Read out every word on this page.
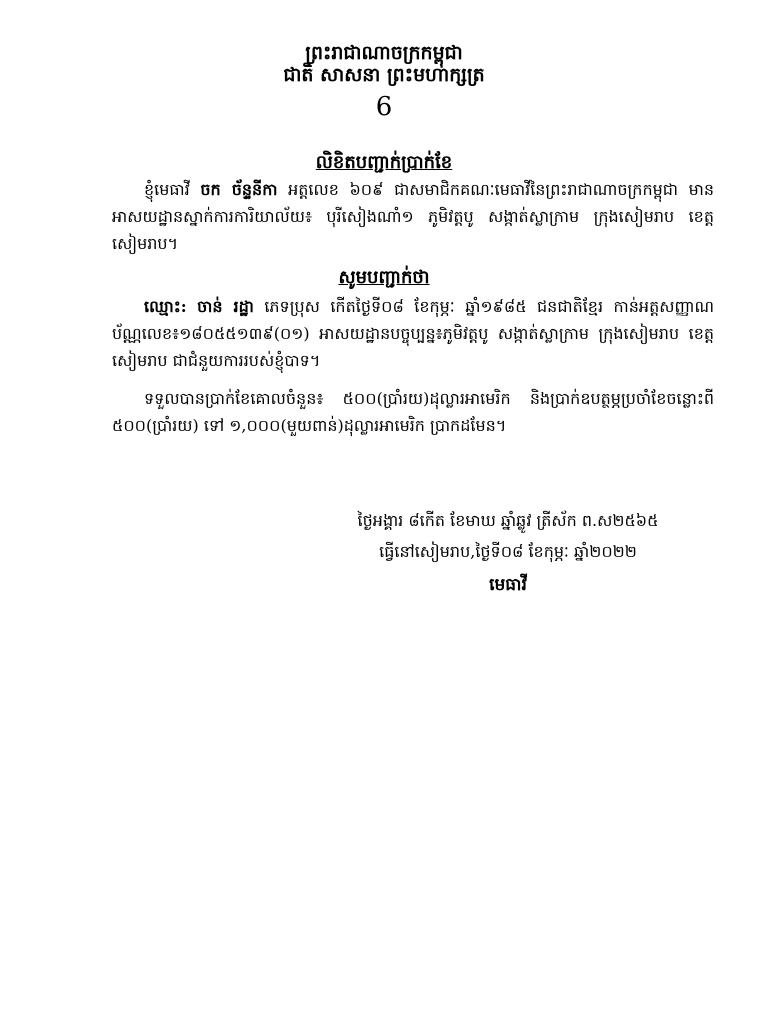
ព្រះរាជាណាចក្រកម្ពុជា
ជាតិ សាសនា ព្រះមហាក្សត្រ
6
លិខិតបញ្ជាក់ប្រាក់ខែ
ខ្ញុំមេធាវី ចក ច័ន្ទនីកា អត្តលេខ ៦០៩ ជាសមាជិកគណៈមេធាវីនៃព្រះរាជាណាចក្រកម្ពុជា មានអាសយដ្ឋានស្នាក់ការការិយាល័យ៖ បុរីសៀងណាំ១ ភូមិវត្តបូ សង្កាត់ស្លាក្រាម ក្រុងសៀមរាប ខេត្តសៀមរាប។
សូមបញ្ជាក់ថា
ឈ្មោះ: ចាន់ រដ្ឋា ភេទប្រុស កើតថ្ងៃទី០៨ ខែកុម្ភៈ ឆ្នាំ១៩៨៥ ជនជាតិខ្មែរ កាន់អត្តសញ្ញាណប័ណ្ណលេខ៖១៨០៥៥១៣៩(០១) អាសយដ្ឋានបច្ចុប្បន្ន៖ភូមិវត្តបូ សង្កាត់ស្លាក្រាម ក្រុងសៀមរាប ខេត្តសៀមរាប ជាជំនួយការរបស់ខ្ញុំបាទ។
ទទួលបានប្រាក់ខែគោលចំនួន៖ ៥០០(ប្រាំរយ)ដុល្លារអាមេរិក និងប្រាក់ឧបត្ថម្ភប្រចាំខែចន្លោះពី ៥០០(ប្រាំរយ) ទៅ ១,០០០(មួយពាន់)ដុល្លារអាមេរិក ប្រាកដមែន។
ថ្ងៃអង្គារ ៨កើត ខែមាឃ ឆ្នាំឆ្លូវ ត្រីស័ក ព.ស២៥៦៥
ធ្វើនៅសៀមរាប,ថ្ងៃទី០៨ ខែកុម្ភៈ ឆ្នាំ២០២២
មេធាវី
